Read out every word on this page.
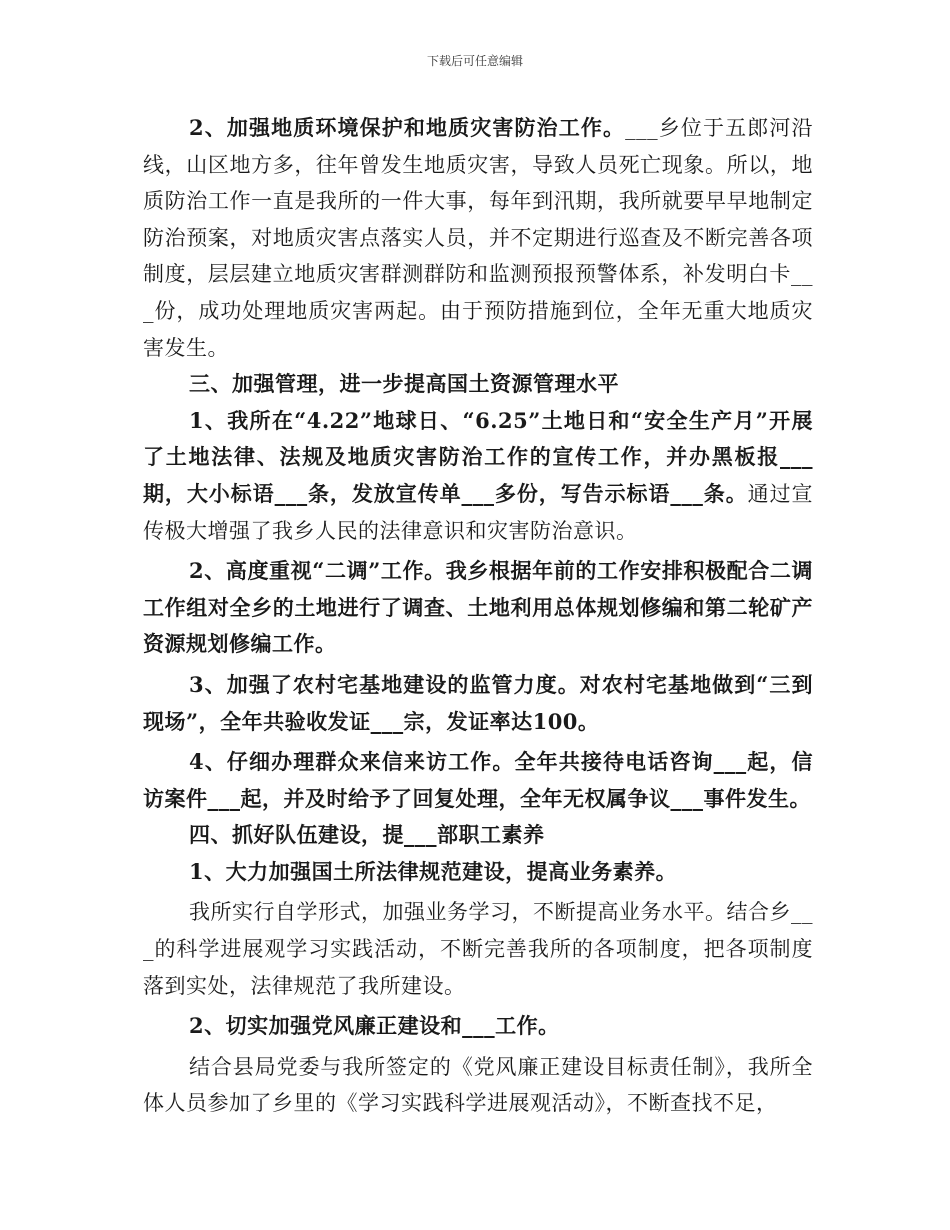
下载后可任意编辑

2、加强地质环境保护和地质灾害防治工作。___乡位于五郎河沿线，山区地方多，往年曾发生地质灾害，导致人员死亡现象。所以，地质防治工作一直是我所的一件大事，每年到汛期，我所就要早早地制定防治预案，对地质灾害点落实人员，并不定期进行巡查及不断完善各项制度，层层建立地质灾害群测群防和监测预报预警体系，补发明白卡___份，成功处理地质灾害两起。由于预防措施到位，全年无重大地质灾害发生。

三、加强管理，进一步提高国土资源管理水平

1、我所在“4.22”地球日、“6.25”土地日和“安全生产月”开展了土地法律、法规及地质灾害防治工作的宣传工作，并办黑板报___期，大小标语___条，发放宣传单___多份，写告示标语___条。通过宣传极大增强了我乡人民的法律意识和灾害防治意识。

2、高度重视“二调”工作。我乡根据年前的工作安排积极配合二调工作组对全乡的土地进行了调查、土地利用总体规划修编和第二轮矿产资源规划修编工作。

3、加强了农村宅基地建设的监管力度。对农村宅基地做到“三到现场”，全年共验收发证___宗，发证率达100。

4、仔细办理群众来信来访工作。全年共接待电话咨询___起，信访案件___起，并及时给予了回复处理，全年无权属争议___事件发生。

四、抓好队伍建设，提___部职工素养

1、大力加强国土所法律规范建设，提高业务素养。

我所实行自学形式，加强业务学习，不断提高业务水平。结合乡___的科学进展观学习实践活动，不断完善我所的各项制度，把各项制度落到实处，法律规范了我所建设。

2、切实加强党风廉正建设和___工作。

结合县局党委与我所签定的《党风廉正建设目标责任制》，我所全体人员参加了乡里的《学习实践科学进展观活动》，不断查找不足，
